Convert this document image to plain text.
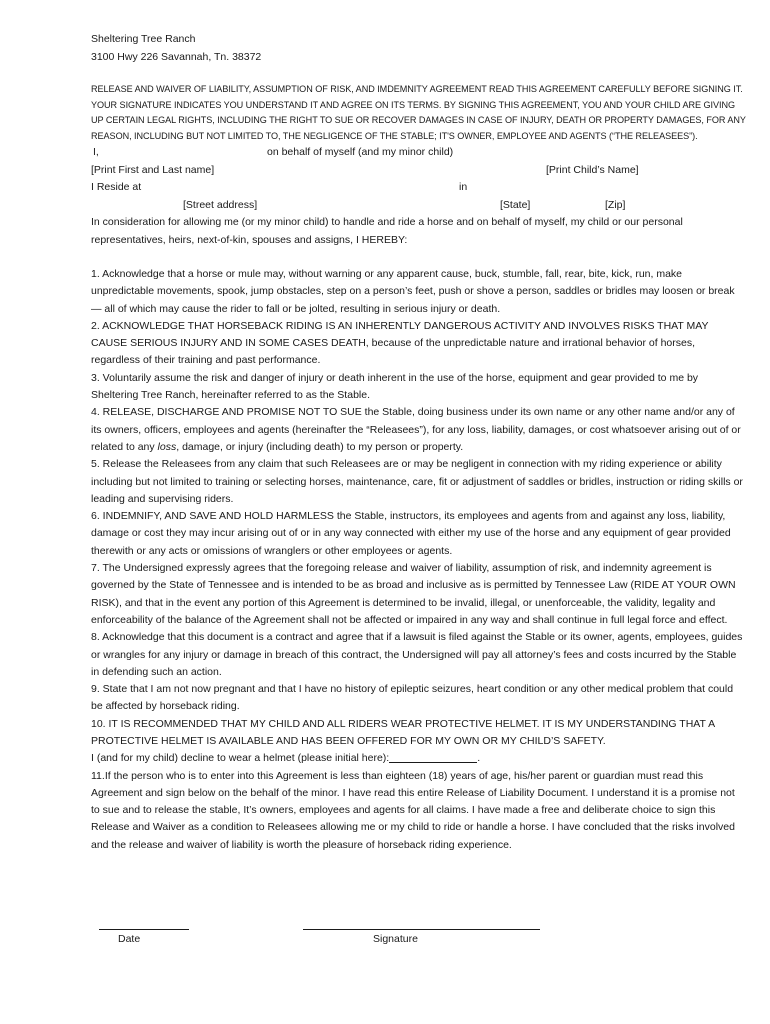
Sheltering Tree Ranch
3100 Hwy 226 Savannah, Tn. 38372

RELEASE AND WAIVER OF LIABILITY, ASSUMPTION OF RISK, AND IMDEMNITY AGREEMENT READ THIS AGREEMENT CAREFULLY BEFORE SIGNING IT. YOUR SIGNATURE INDICATES YOU UNDERSTAND IT AND AGREE ON ITS TERMS. BY SIGNING THIS AGREEMENT, YOU AND YOUR CHILD ARE GIVING UP CERTAIN LEGAL RIGHTS, INCLUDING THE RIGHT TO SUE OR RECOVER DAMAGES IN CASE OF INJURY, DEATH OR PROPERTY DAMAGES, FOR ANY REASON, INCLUDING BUT NOT LIMITED TO, THE NEGLIGENCE OF THE STABLE; IT'S OWNER, EMPLOYEE AND AGENTS (“THE RELEASEES”).

I,	on behalf of myself (and my minor child)
[Print First and Last name]	[Print Child’s Name]
I Reside at	in
[Street address]	[State]	[Zip]

In consideration for allowing me (or my minor child) to handle and ride a horse and on behalf of myself, my child or our personal representatives, heirs, next-of-kin, spouses and assigns, I HEREBY:

1. Acknowledge that a horse or mule may, without warning or any apparent cause, buck, stumble, fall, rear, bite, kick, run, make unpredictable movements, spook, jump obstacles, step on a person’s feet, push or shove a person, saddles or bridles may loosen or break — all of which may cause the rider to fall or be jolted, resulting in serious injury or death.

2. ACKNOWLEDGE THAT HORSEBACK RIDING IS AN INHERENTLY DANGEROUS ACTIVITY AND INVOLVES RISKS THAT MAY CAUSE SERIOUS INJURY AND IN SOME CASES DEATH, because of the unpredictable nature and irrational behavior of horses, regardless of their training and past performance.

3. Voluntarily assume the risk and danger of injury or death inherent in the use of the horse, equipment and gear provided to me by Sheltering Tree Ranch, hereinafter referred to as the Stable.

4. RELEASE, DISCHARGE AND PROMISE NOT TO SUE the Stable, doing business under its own name or any other name and/or any of its owners, officers, employees and agents (hereinafter the “Releasees”), for any loss, liability, damages, or cost whatsoever arising out of or related to any loss, damage, or injury (including death) to my person or property.

5. Release the Releasees from any claim that such Releasees are or may be negligent in connection with my riding experience or ability including but not limited to training or selecting horses, maintenance, care, fit or adjustment of saddles or bridles, instruction or riding skills or leading and supervising riders.

6. INDEMNIFY, AND SAVE AND HOLD HARMLESS the Stable, instructors, its employees and agents from and against any loss, liability, damage or cost they may incur arising out of or in any way connected with either my use of the horse and any equipment of gear provided therewith or any acts or omissions of wranglers or other employees or agents.

7. The Undersigned expressly agrees that the foregoing release and waiver of liability, assumption of risk, and indemnity agreement is governed by the State of Tennessee and is intended to be as broad and inclusive as is permitted by Tennessee Law (RIDE AT YOUR OWN RISK), and that in the event any portion of this Agreement is determined to be invalid, illegal, or unenforceable, the validity, legality and enforceability of the balance of the Agreement shall not be affected or impaired in any way and shall continue in full legal force and effect.

8. Acknowledge that this document is a contract and agree that if a lawsuit is filed against the Stable or its owner, agents, employees, guides or wrangles for any injury or damage in breach of this contract, the Undersigned will pay all attorney’s fees and costs incurred by the Stable in defending such an action.

9. State that I am not now pregnant and that I have no history of epileptic seizures, heart condition or any other medical problem that could be affected by horseback riding.

10. IT IS RECOMMENDED THAT MY CHILD AND ALL RIDERS WEAR PROTECTIVE HELMET. IT IS MY UNDERSTANDING THAT A PROTECTIVE HELMET IS AVAILABLE AND HAS BEEN OFFERED FOR MY OWN OR MY CHILD’S SAFETY.

I (and for my child) decline to wear a helmet (please initial here):	.

11.If the person who is to enter into this Agreement is less than eighteen (18) years of age, his/her parent or guardian must read this Agreement and sign below on the behalf of the minor. I have read this entire Release of Liability Document. I understand it is a promise not to sue and to release the stable, It’s owners, employees and agents for all claims. I have made a free and deliberate choice to sign this Release and Waiver as a condition to Releasees allowing me or my child to ride or handle a horse. I have concluded that the risks involved and the release and waiver of liability is worth the pleasure of horseback riding experience.

Date	Signature
